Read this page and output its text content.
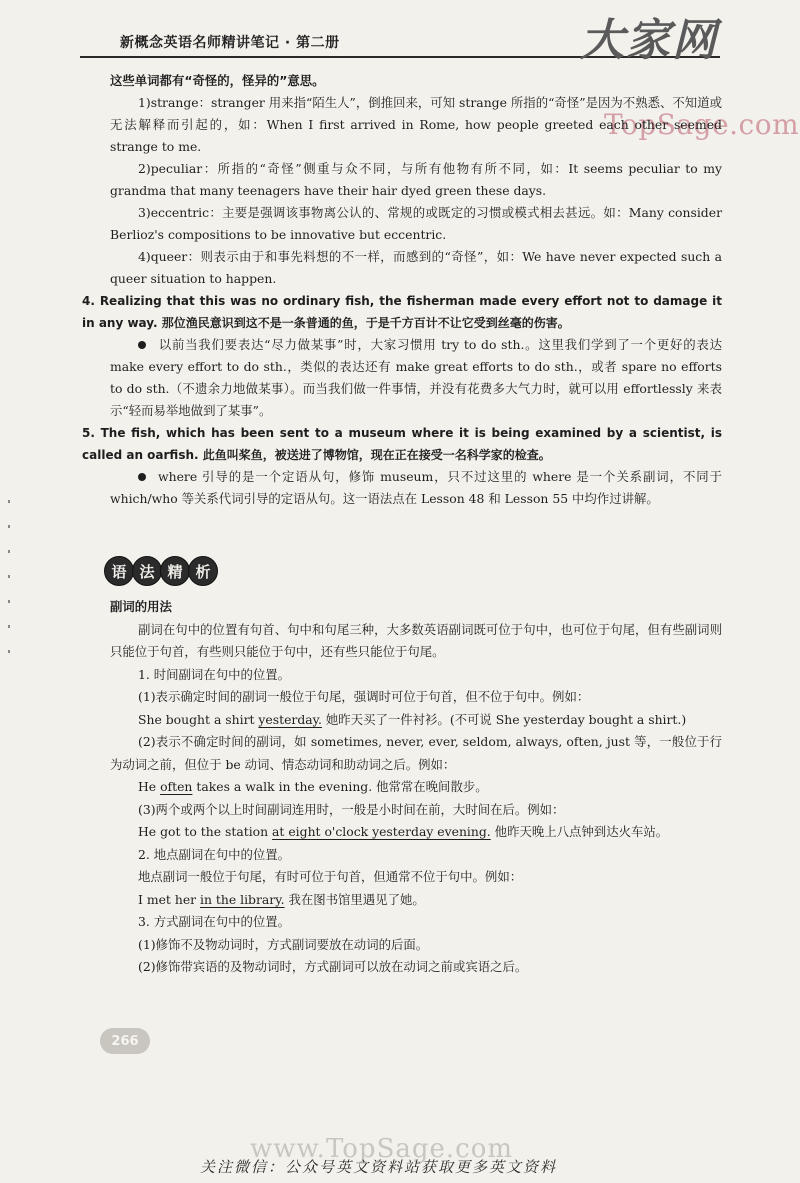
新概念英语名师精讲笔记 · 第二册	大家网
TopSage.com

这些单词都有“奇怪的，怪异的”意思。

1)strange：stranger 用来指“陌生人”，倒推回来，可知 strange 所指的“奇怪”是因为不熟悉、不知道或无法解释而引起的，如：When I first arrived in Rome, how people greeted each other seemed strange to me.

2)peculiar：所指的“奇怪”侧重与众不同，与所有他物有所不同，如：It seems peculiar to my grandma that many teenagers have their hair dyed green these days.

3)eccentric：主要是强调该事物离公认的、常规的或既定的习惯或模式相去甚远。如：Many consider Berlioz's compositions to be innovative but eccentric.

4)queer：则表示由于和事先料想的不一样，而感到的“奇怪”，如：We have never expected such a queer situation to happen.

4. Realizing that this was no ordinary fish, the fisherman made every effort not to damage it in any way. 那位渔民意识到这不是一条普通的鱼，于是千方百计不让它受到丝毫的伤害。

以前当我们要表达“尽力做某事”时，大家习惯用 try to do sth.。这里我们学到了一个更好的表达 make every effort to do sth.，类似的表达还有 make great efforts to do sth.，或者 spare no efforts to do sth.（不遗余力地做某事）。而当我们做一件事情，并没有花费多大气力时，就可以用 effortlessly 来表示“轻而易举地做到了某事”。

5. The fish, which has been sent to a museum where it is being examined by a scientist, is called an oarfish. 此鱼叫桨鱼，被送进了博物馆，现在正在接受一名科学家的检查。

where 引导的是一个定语从句，修饰 museum，只不过这里的 where 是一个关系副词，不同于 which/who 等关系代词引导的定语从句。这一语法点在 Lesson 48 和 Lesson 55 中均作过讲解。

语 法 精 析

副词的用法

副词在句中的位置有句首、句中和句尾三种，大多数英语副词既可位于句中，也可位于句尾，但有些副词则只能位于句首，有些则只能位于句中，还有些只能位于句尾。

1. 时间副词在句中的位置。

(1)表示确定时间的副词一般位于句尾，强调时可位于句首，但不位于句中。例如：

She bought a shirt yesterday. 她昨天买了一件衬衫。(不可说 She yesterday bought a shirt.)

(2)表示不确定时间的副词，如 sometimes, never, ever, seldom, always, often, just 等，一般位于行为动词之前，但位于 be 动词、情态动词和助动词之后。例如：

He often takes a walk in the evening. 他常常在晚间散步。

(3)两个或两个以上时间副词连用时，一般是小时间在前，大时间在后。例如：

He got to the station at eight o'clock yesterday evening. 他昨天晚上八点钟到达火车站。

2. 地点副词在句中的位置。

地点副词一般位于句尾，有时可位于句首，但通常不位于句中。例如：

I met her in the library. 我在图书馆里遇见了她。

3. 方式副词在句中的位置。

(1)修饰不及物动词时，方式副词要放在动词的后面。

(2)修饰带宾语的及物动词时，方式副词可以放在动词之前或宾语之后。

266
www.TopSage.com
关注微信：公众号英文资料站获取更多英文资料
